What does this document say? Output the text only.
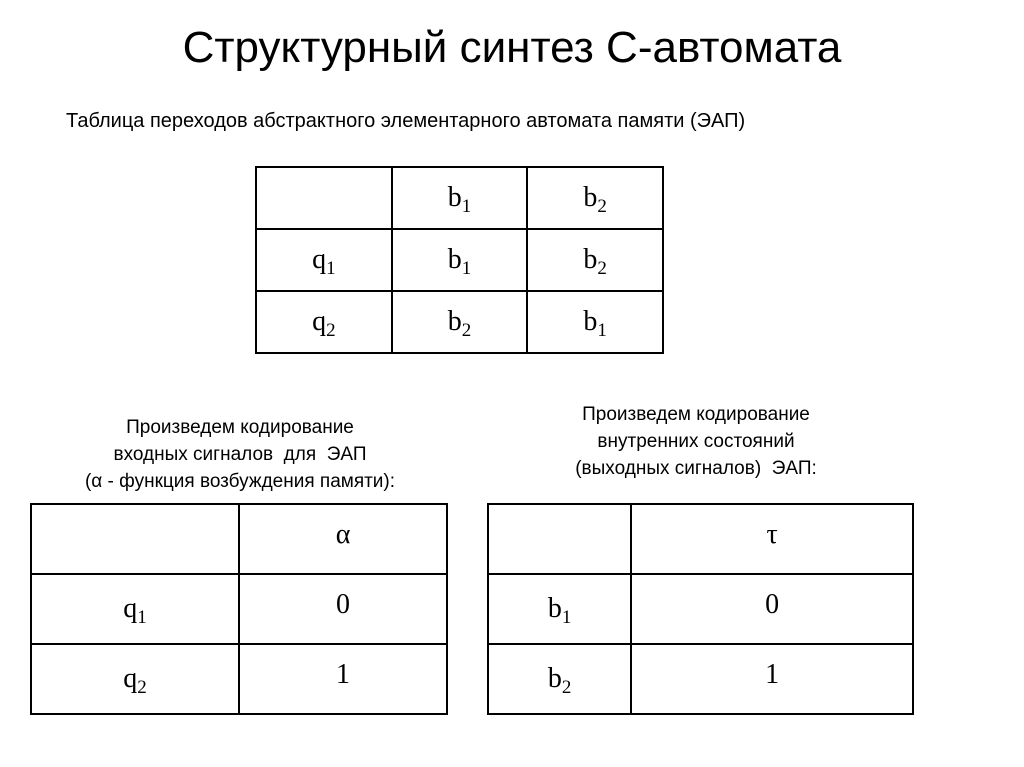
Структурный синтез С-автомата
Таблица переходов абстрактного элементарного автомата памяти (ЭАП)
	$b_1$	$b_2$
$q_1$	$b_1$	$b_2$
$q_2$	$b_2$	$b_1$
Произведем кодирование
входных сигналов  для  ЭАП
(α - функция возбуждения памяти):
	α
$q_1$	0
$q_2$	1
Произведем кодирование
внутренних состояний
(выходных сигналов)  ЭАП:
	τ
$b_1$	0
$b_2$	1
